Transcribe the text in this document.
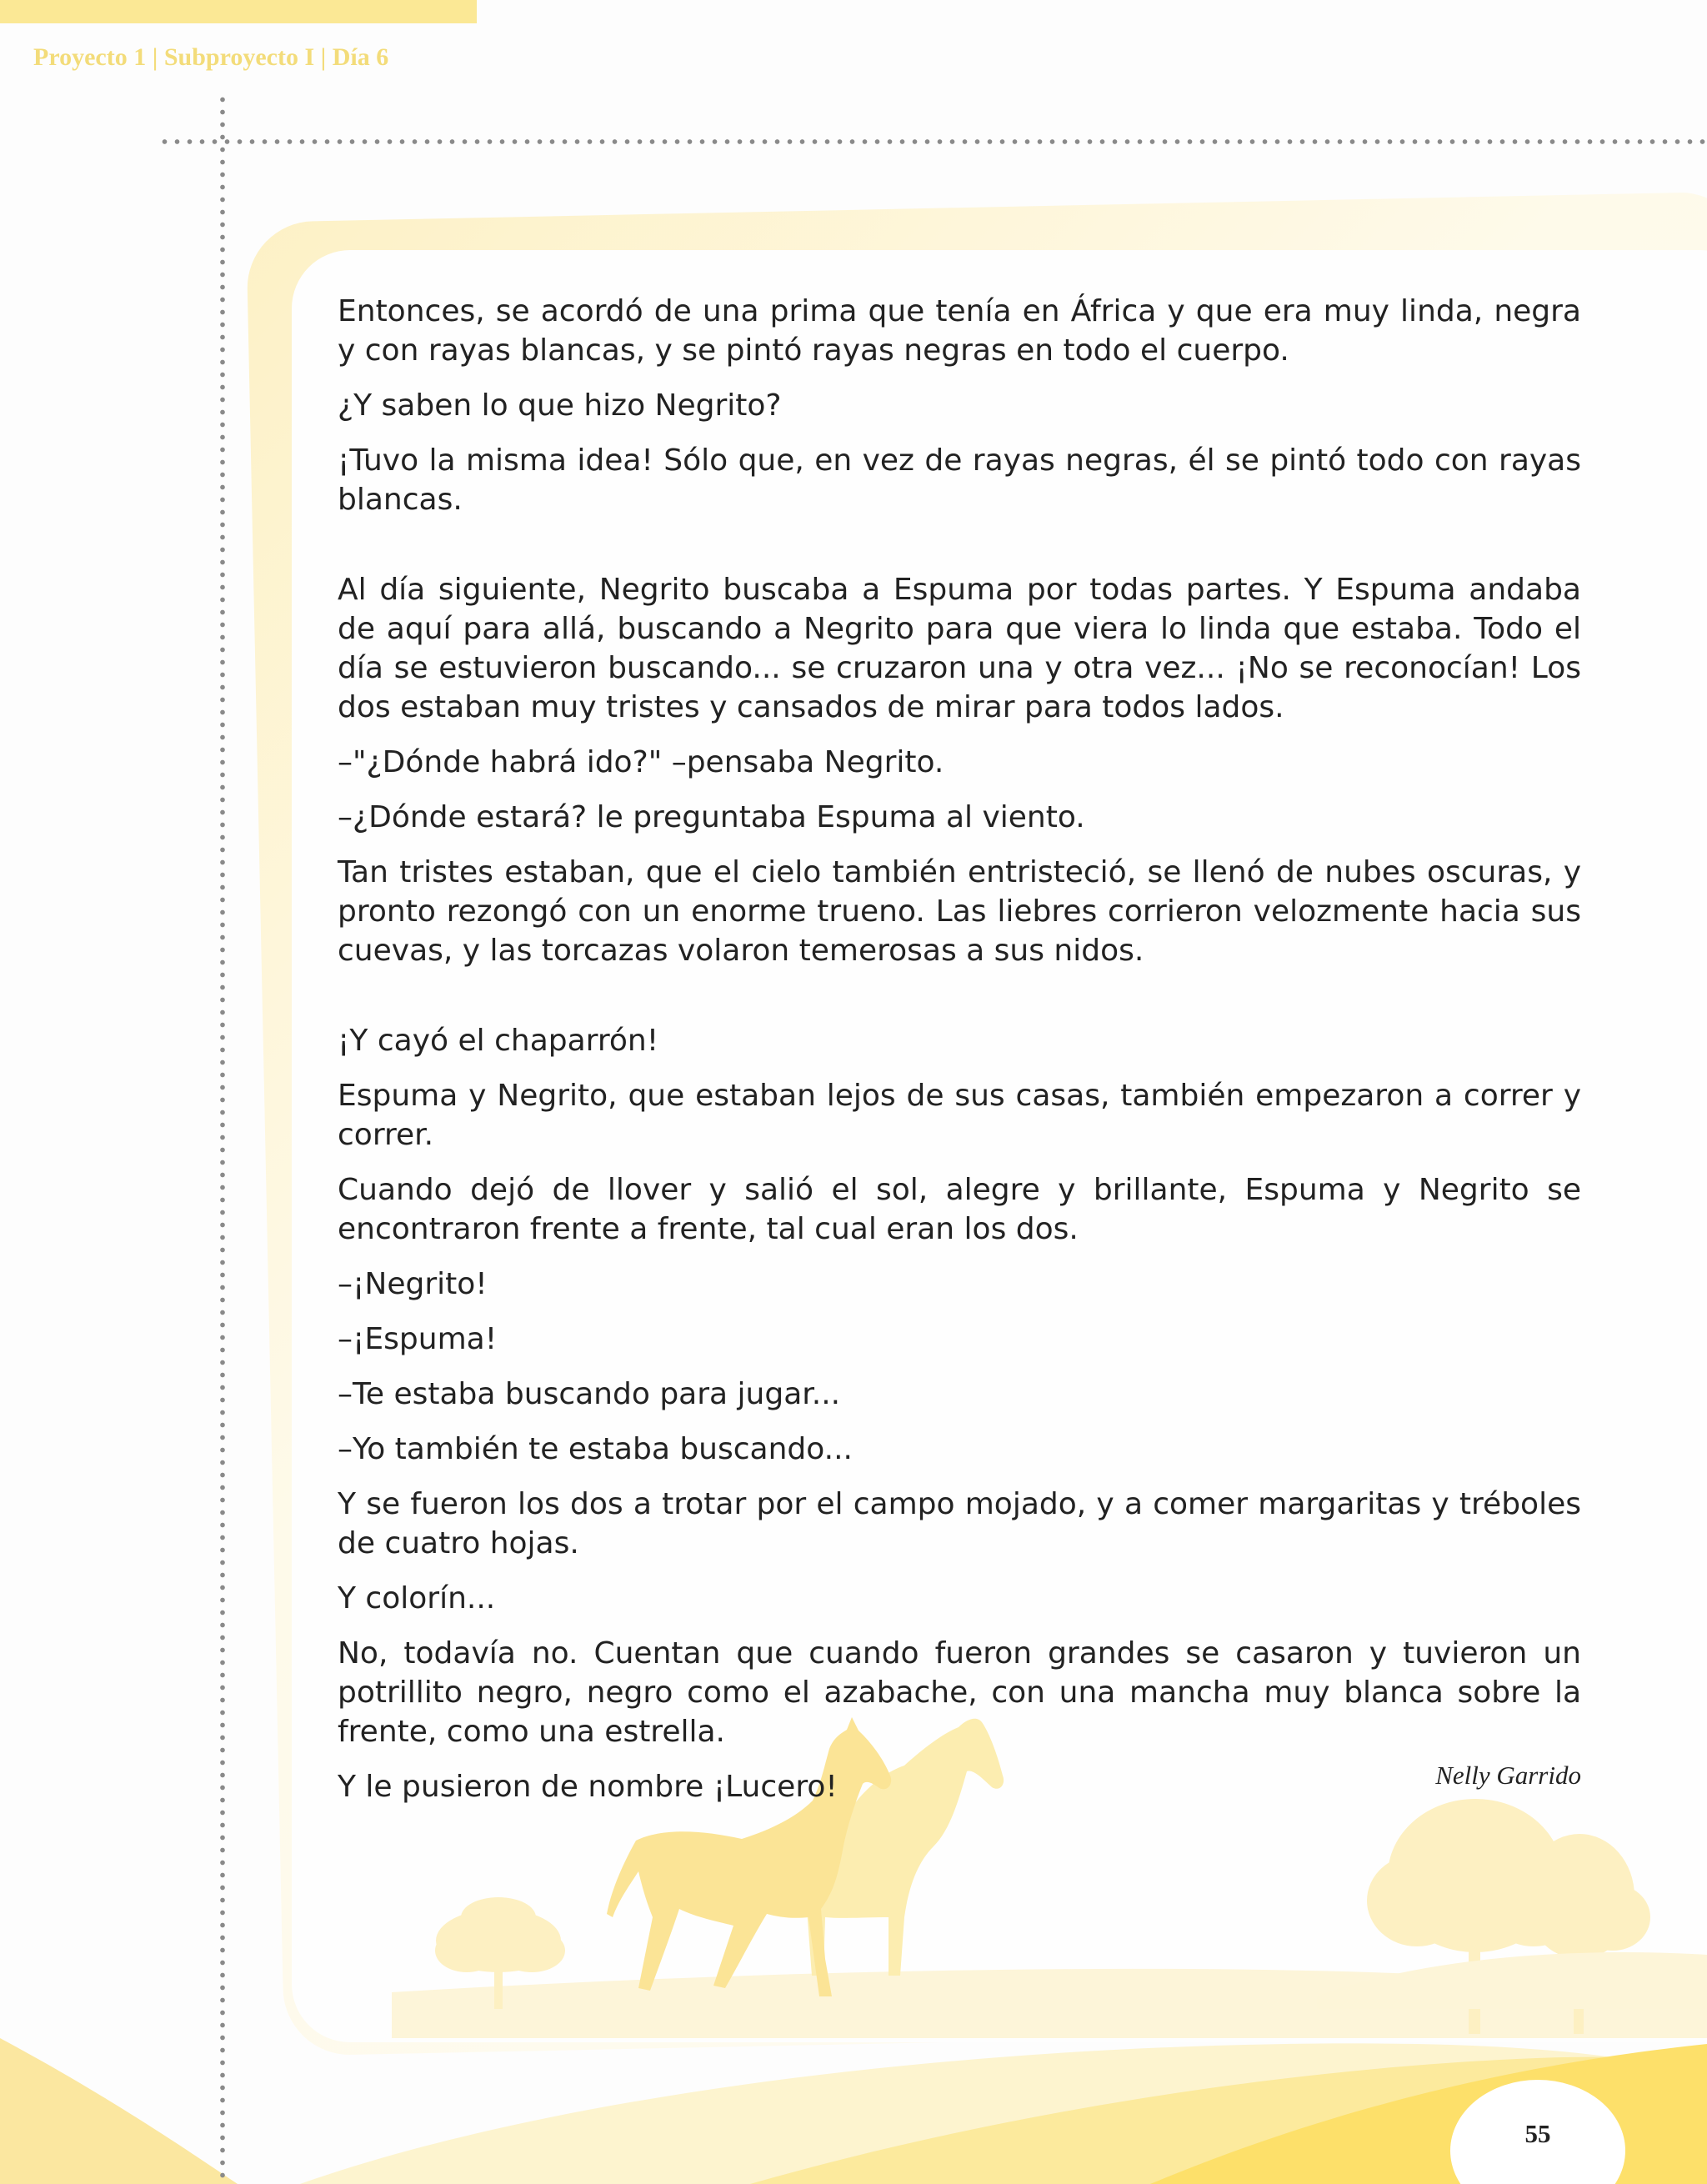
Proyecto 1 | Subproyecto I | Día 6

Entonces, se acordó de una prima que tenía en África y que era muy linda, negra y con rayas blancas, y se pintó rayas negras en todo el cuerpo.

¿Y saben lo que hizo Negrito?

¡Tuvo la misma idea! Sólo que, en vez de rayas negras, él se pintó todo con rayas blancas.

Al día siguiente, Negrito buscaba a Espuma por todas partes. Y Espuma andaba de aquí para allá, buscando a Negrito para que viera lo linda que estaba. Todo el día se estuvieron buscando... se cruzaron una y otra vez... ¡No se reconocían! Los dos estaban muy tristes y cansados de mirar para todos lados.

–"¿Dónde habrá ido?" –pensaba Negrito.

–¿Dónde estará? le preguntaba Espuma al viento.

Tan tristes estaban, que el cielo también entristeció, se llenó de nubes oscuras, y pronto rezongó con un enorme trueno. Las liebres corrieron velozmente hacia sus cuevas, y las torcazas volaron temerosas a sus nidos.

¡Y cayó el chaparrón!

Espuma y Negrito, que estaban lejos de sus casas, también empezaron a correr y correr.

Cuando dejó de llover y salió el sol, alegre y brillante, Espuma y Negrito se encontraron frente a frente, tal cual eran los dos.

–¡Negrito!

–¡Espuma!

–Te estaba buscando para jugar...

–Yo también te estaba buscando...

Y se fueron los dos a trotar por el campo mojado, y a comer margaritas y tréboles de cuatro hojas.

Y colorín...

No, todavía no. Cuentan que cuando fueron grandes se casaron y tuvieron un potrillito negro, negro como el azabache, con una mancha muy blanca sobre la frente, como una estrella.

Y le pusieron de nombre ¡Lucero!	Nelly Garrido
55
